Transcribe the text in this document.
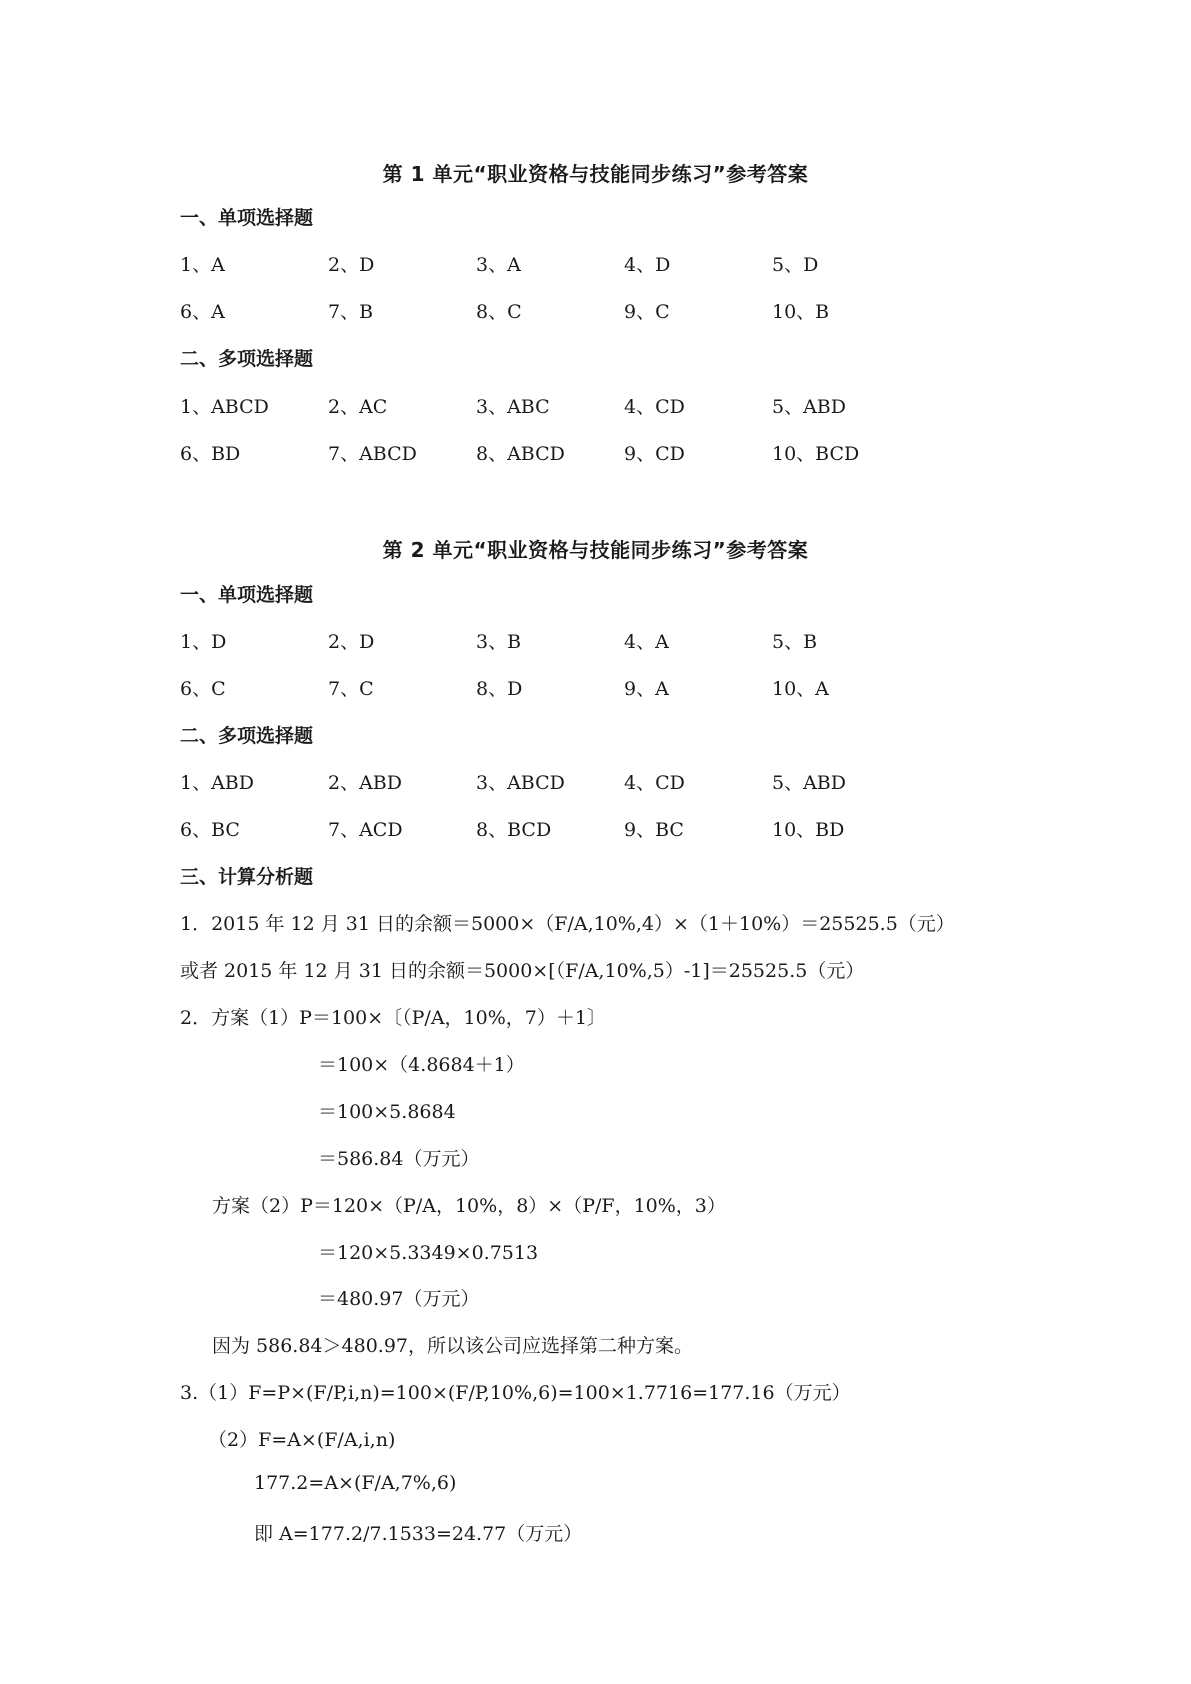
第 1 单元“职业资格与技能同步练习”参考答案
一、单项选择题
1、A	2、D	3、A	4、D	5、D
6、A	7、B	8、C	9、C	10、B
二、多项选择题
1、ABCD	2、AC	3、ABC	4、CD	5、ABD
6、BD	7、ABCD	8、ABCD	9、CD	10、BCD
第 2 单元“职业资格与技能同步练习”参考答案
一、单项选择题
1、D	2、D	3、B	4、A	5、B
6、C	7、C	8、D	9、A	10、A
二、多项选择题
1、ABD	2、ABD	3、ABCD	4、CD	5、ABD
6、BC	7、ACD	8、BCD	9、BC	10、BD
三、计算分析题
1．2015 年 12 月 31 日的余额＝5000×（F/A,10%,4）×（1＋10%）＝25525.5（元）
或者 2015 年 12 月 31 日的余额＝5000×[（F/A,10%,5）-1]＝25525.5（元）
2．方案（1）P＝100×〔（P/A，10%，7）＋1〕
＝100×（4.8684＋1）
＝100×5.8684
＝586.84（万元）
方案（2）P＝120×（P/A，10%，8）×（P/F，10%，3）
＝120×5.3349×0.7513
＝480.97（万元）
因为 586.84＞480.97，所以该公司应选择第二种方案。
3.（1）F=P×(F/P,i,n)=100×(F/P,10%,6)=100×1.7716=177.16（万元）
（2）F=A×(F/A,i,n)
177.2=A×(F/A,7%,6)
即 A=177.2/7.1533=24.77（万元）
